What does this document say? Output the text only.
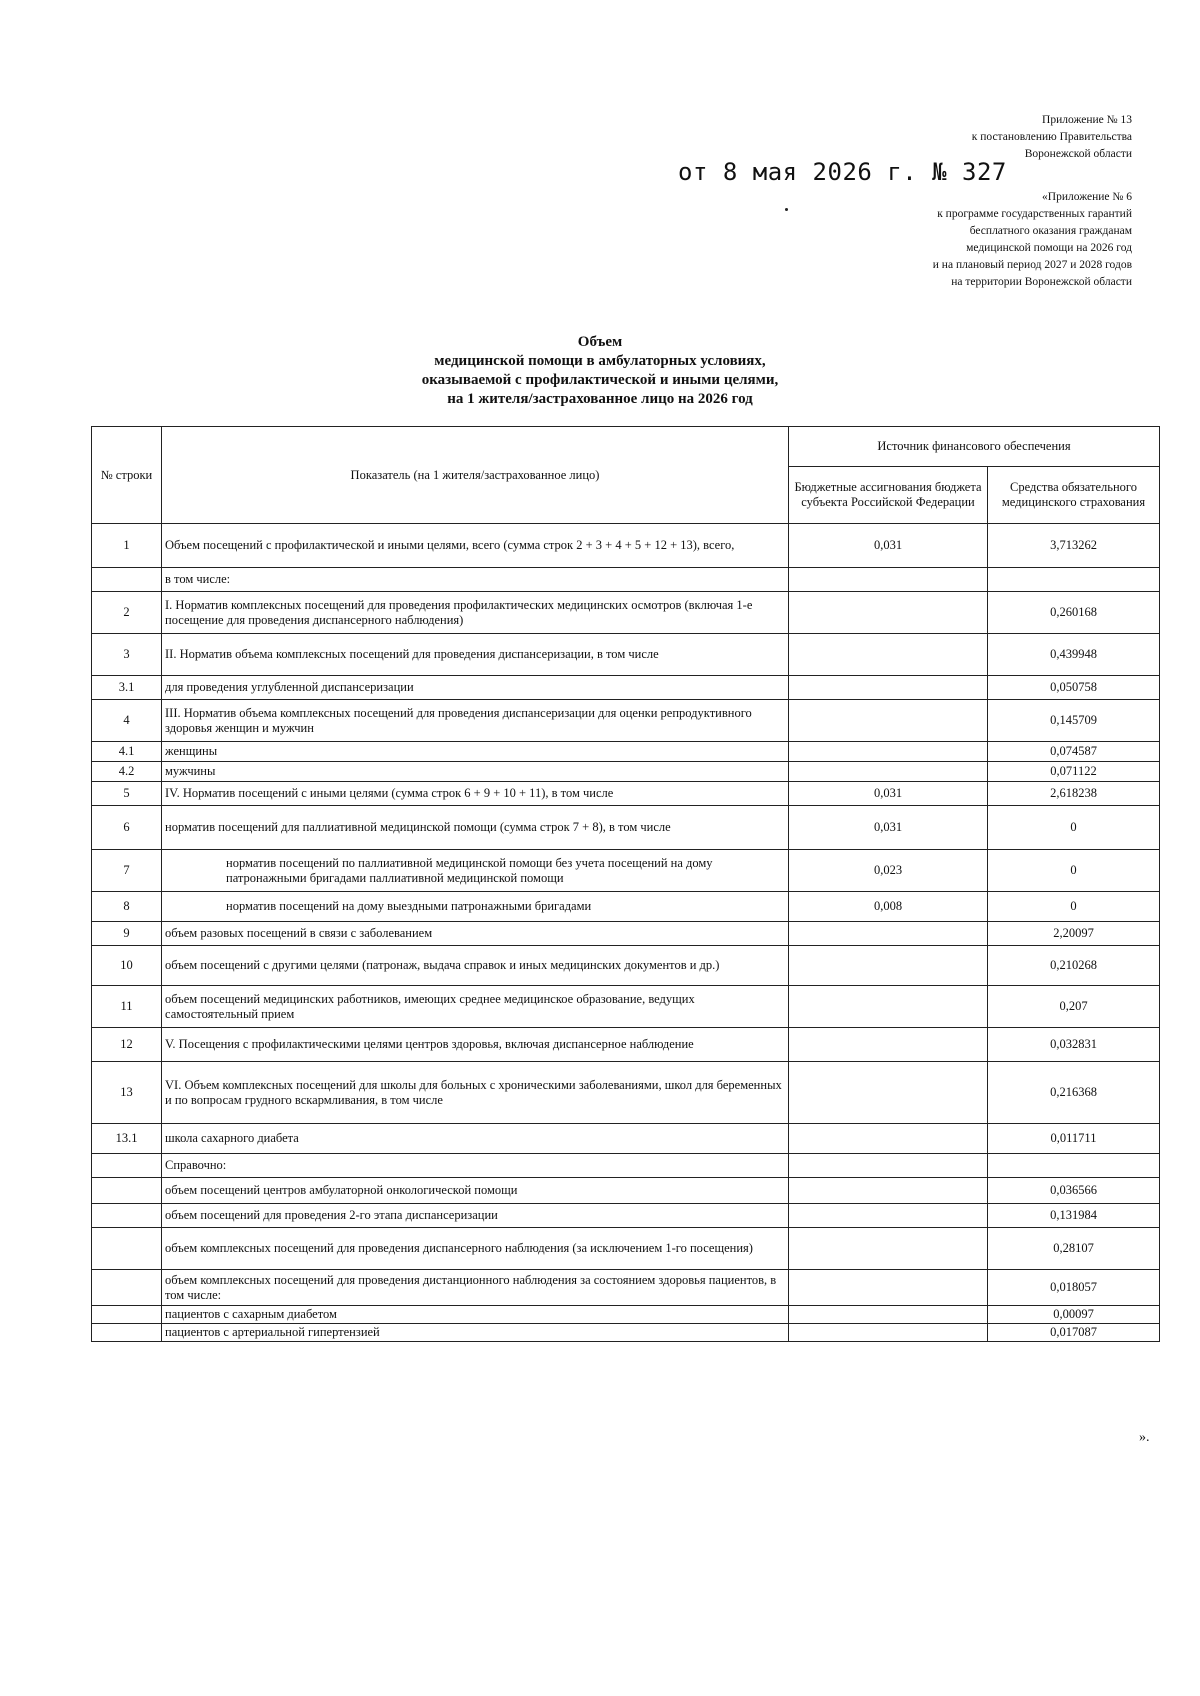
Приложение № 13
к постановлению Правительства
Воронежской области
от 8 мая 2026 г. № 327
«Приложение № 6
к программе государственных гарантий
бесплатного оказания гражданам
медицинской помощи на 2026 год
и на плановый период 2027 и 2028 годов
на территории Воронежской области
Объем
медицинской помощи в амбулаторных условиях,
оказываемой с профилактической и иными целями,
на 1 жителя/застрахованное лицо на 2026 год
№ строки	Показатель (на 1 жителя/застрахованное лицо)	Источник финансового обеспечения	
		Бюджетные ассигнования бюджета субъекта Российской Федерации	Средства обязательного медицинского страхования
1	Объем посещений с профилактической и иными целями, всего (сумма строк 2 + 3 + 4 + 5 + 12 + 13), всего,	0,031	3,713262
	в том числе:		
2	I. Норматив комплексных посещений для проведения профилактических медицинских осмотров (включая 1-е посещение для проведения диспансерного наблюдения)		0,260168
3	II. Норматив объема комплексных посещений для проведения диспансеризации, в том числе		0,439948
3.1	для проведения углубленной диспансеризации		0,050758
4	III. Норматив объема комплексных посещений для проведения диспансеризации для оценки репродуктивного здоровья женщин и мужчин		0,145709
4.1	женщины		0,074587
4.2	мужчины		0,071122
5	IV. Норматив посещений с иными целями (сумма строк 6 + 9 + 10 + 11), в том числе	0,031	2,618238
6	норматив посещений для паллиативной медицинской помощи (сумма строк 7 + 8), в том числе	0,031	0
7	норматив посещений по паллиативной медицинской помощи без учета посещений на дому патронажными бригадами паллиативной медицинской помощи	0,023	0
8	норматив посещений на дому выездными патронажными бригадами	0,008	0
9	объем разовых посещений в связи с заболеванием		2,20097
10	объем посещений с другими целями (патронаж, выдача справок и иных медицинских документов и др.)		0,210268
11	объем посещений медицинских работников, имеющих среднее медицинское образование, ведущих самостоятельный прием		0,207
12	V. Посещения с профилактическими целями центров здоровья, включая диспансерное наблюдение		0,032831
13	VI. Объем комплексных посещений для школы для больных с хроническими заболеваниями, школ для беременных и по вопросам грудного вскармливания, в том числе		0,216368
13.1	школа сахарного диабета		0,011711
	Справочно:		
	объем посещений центров амбулаторной онкологической помощи		0,036566
	объем посещений для проведения 2-го этапа диспансеризации		0,131984
	объем комплексных посещений для проведения диспансерного наблюдения (за исключением 1-го посещения)		0,28107
	объем комплексных посещений для проведения дистанционного наблюдения за состоянием здоровья пациентов, в том числе:		0,018057
	пациентов с сахарным диабетом		0,00097
	пациентов с артериальной гипертензией		0,017087
».
